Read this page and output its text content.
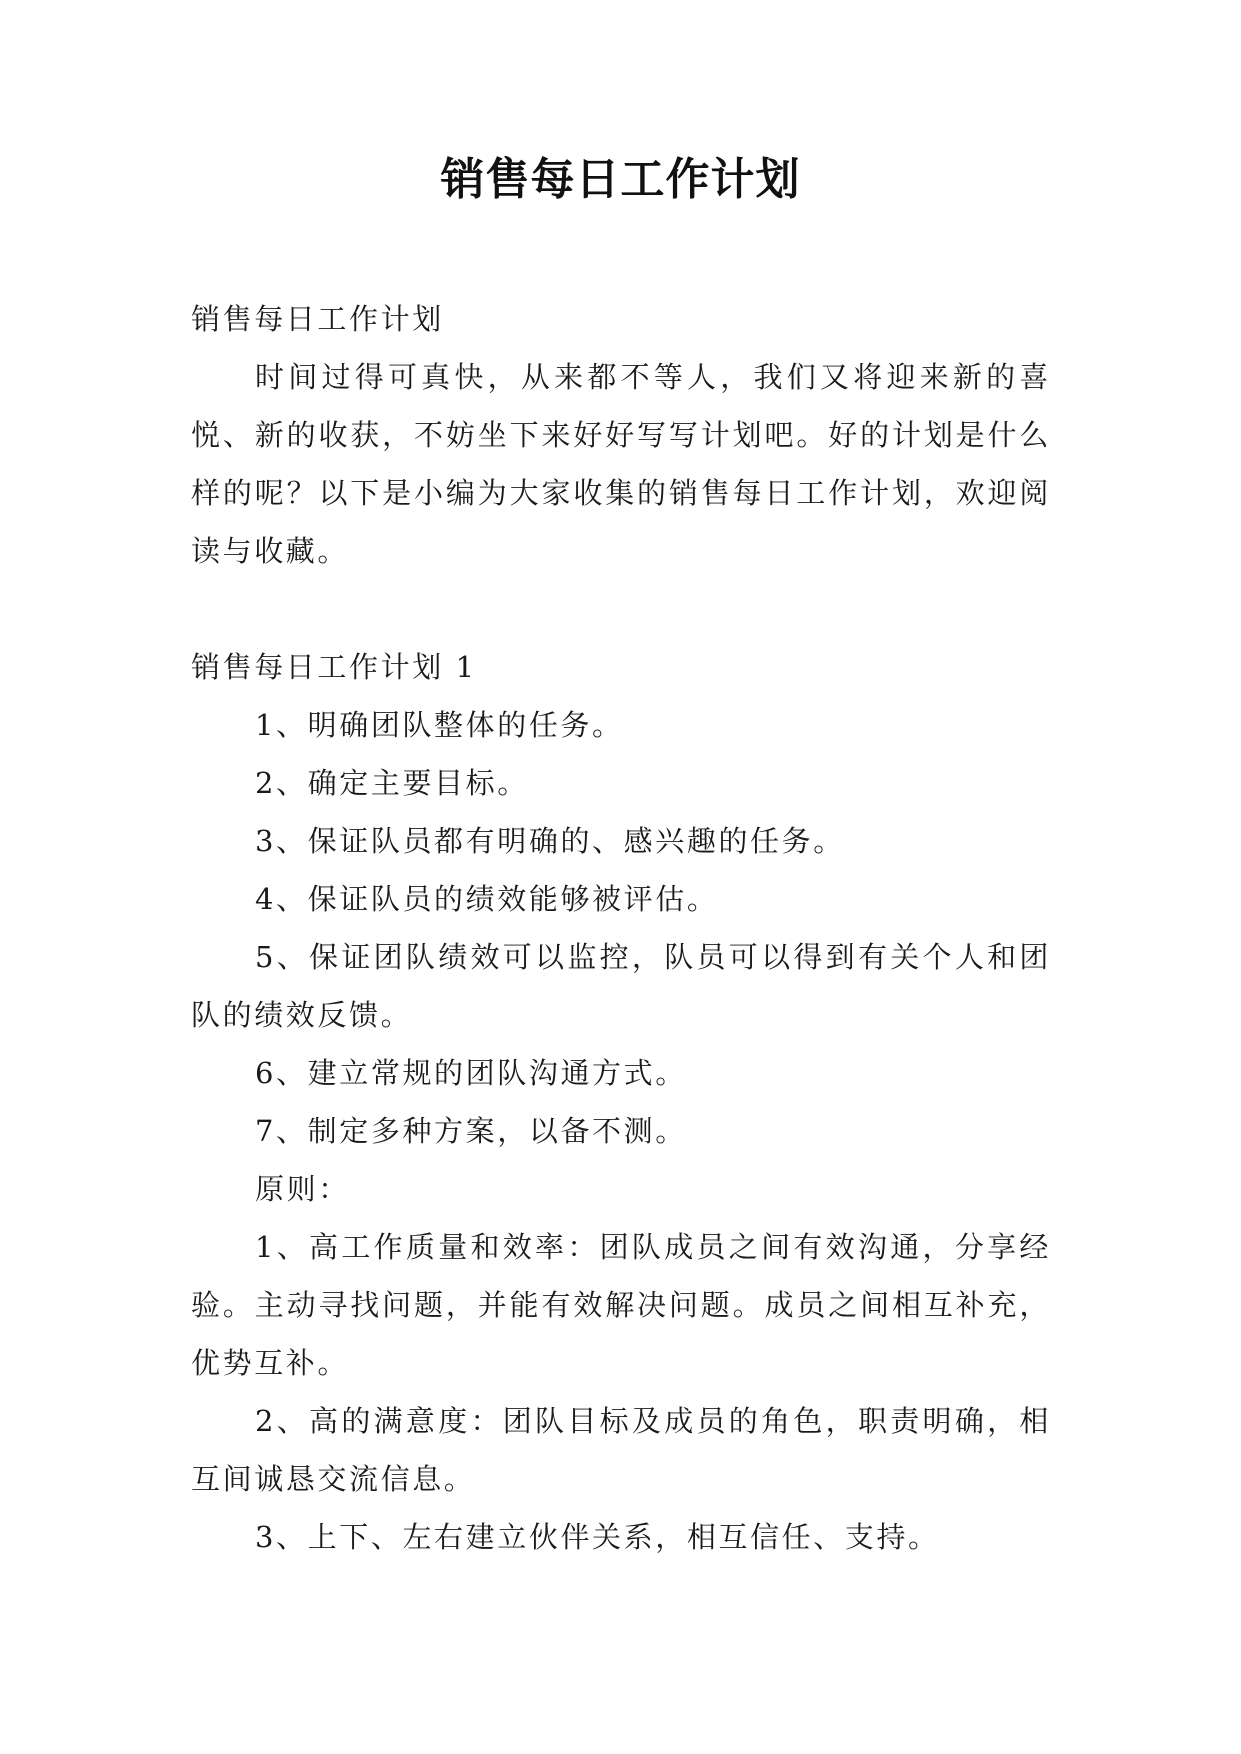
销售每日工作计划

销售每日工作计划

时间过得可真快，从来都不等人，我们又将迎来新的喜悦、新的收获，不妨坐下来好好写写计划吧。好的计划是什么样的呢？以下是小编为大家收集的销售每日工作计划，欢迎阅读与收藏。

销售每日工作计划 1

1、明确团队整体的任务。

2、确定主要目标。

3、保证队员都有明确的、感兴趣的任务。

4、保证队员的绩效能够被评估。

5、保证团队绩效可以监控，队员可以得到有关个人和团队的绩效反馈。

6、建立常规的团队沟通方式。

7、制定多种方案，以备不测。

原则：

1、高工作质量和效率：团队成员之间有效沟通，分享经验。主动寻找问题，并能有效解决问题。成员之间相互补充，优势互补。

2、高的满意度：团队目标及成员的角色，职责明确，相互间诚恳交流信息。

3、上下、左右建立伙伴关系，相互信任、支持。
